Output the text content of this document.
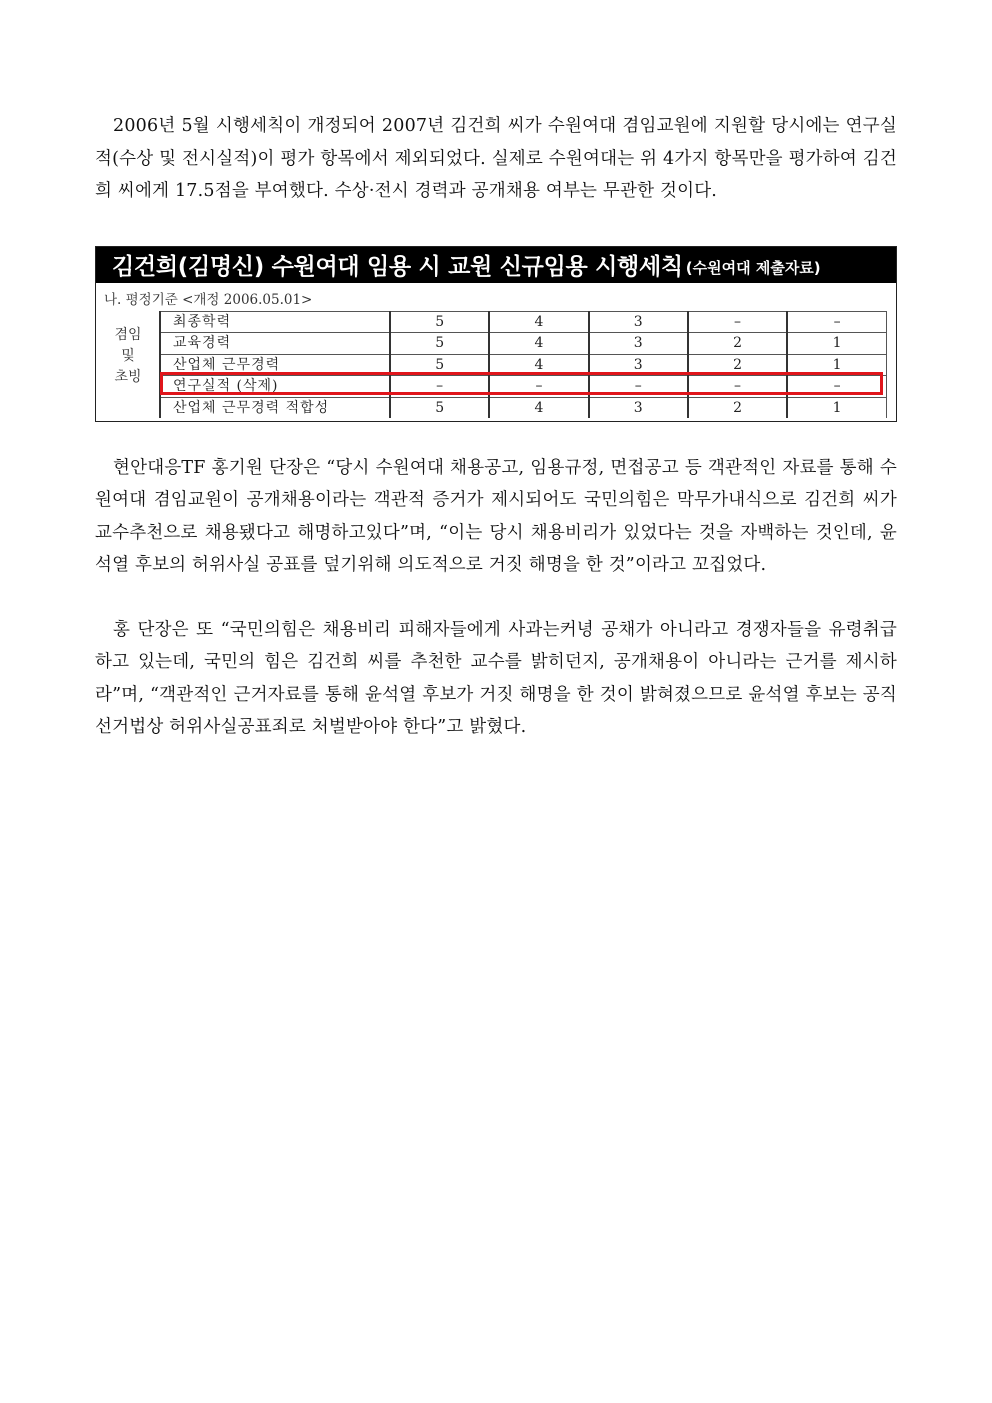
2006년 5월 시행세칙이 개정되어 2007년 김건희 씨가 수원여대 겸임교원에 지원할 당시에는 연구실적(수상 및 전시실적)이 평가 항목에서 제외되었다. 실제로 수원여대는 위 4가지 항목만을 평가하여 김건희 씨에게 17.5점을 부여했다. 수상·전시 경력과 공개채용 여부는 무관한 것이다.

김건희(김명신) 수원여대 임용 시 교원 신규임용 시행세칙 (수원여대 제출자료)
나. 평정기준 <개정 2006.05.01>
겸임
및
초빙
최종학력	5	4	3	–	–
교육경력	5	4	3	2	1
산업체 근무경력	5	4	3	2	1
연구실적 (삭제)	–	–	–	–	–
산업체 근무경력 적합성	5	4	3	2	1

현안대응TF 홍기원 단장은 “당시 수원여대 채용공고, 임용규정, 면접공고 등 객관적인 자료를 통해 수원여대 겸임교원이 공개채용이라는 객관적 증거가 제시되어도 국민의힘은 막무가내식으로 김건희 씨가 교수추천으로 채용됐다고 해명하고있다”며, “이는 당시 채용비리가 있었다는 것을 자백하는 것인데, 윤석열 후보의 허위사실 공표를 덮기위해 의도적으로 거짓 해명을 한 것”이라고 꼬집었다.

홍 단장은 또 “국민의힘은 채용비리 피해자들에게 사과는커녕 공채가 아니라고 경쟁자들을 유령취급하고 있는데, 국민의 힘은 김건희 씨를 추천한 교수를 밝히던지, 공개채용이 아니라는 근거를 제시하라”며, “객관적인 근거자료를 통해 윤석열 후보가 거짓 해명을 한 것이 밝혀졌으므로 윤석열 후보는 공직선거법상 허위사실공표죄로 처벌받아야 한다”고 밝혔다.
